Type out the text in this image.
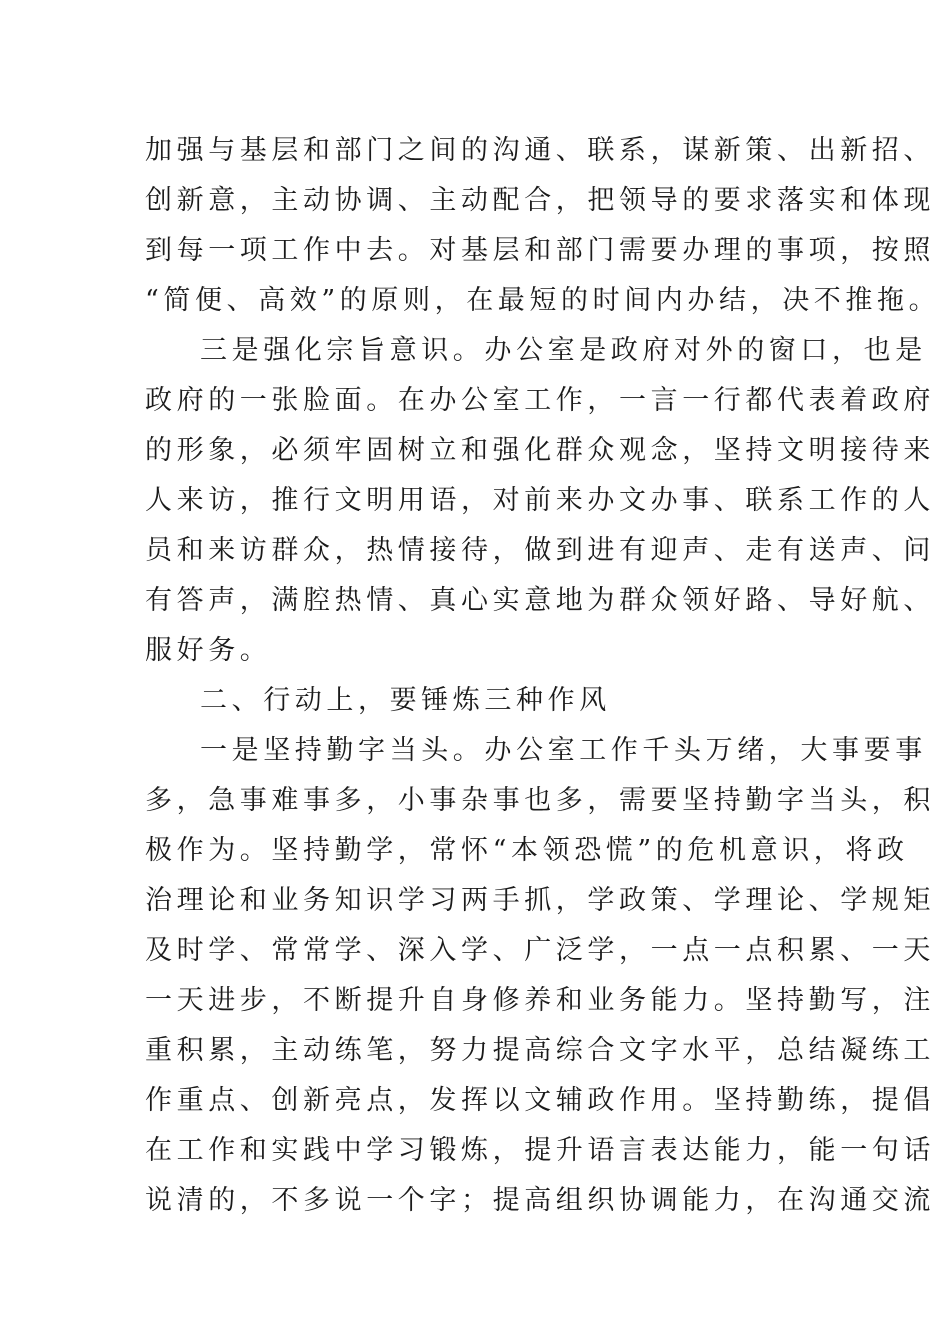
加强与基层和部门之间的沟通、联系，谋新策、出新招、
创新意，主动协调、主动配合，把领导的要求落实和体现
到每一项工作中去。对基层和部门需要办理的事项，按照
“简便、高效”的原则，在最短的时间内办结，决不推拖。
三是强化宗旨意识。办公室是政府对外的窗口，也是
政府的一张脸面。在办公室工作，一言一行都代表着政府
的形象，必须牢固树立和强化群众观念，坚持文明接待来
人来访，推行文明用语，对前来办文办事、联系工作的人
员和来访群众，热情接待，做到进有迎声、走有送声、问
有答声，满腔热情、真心实意地为群众领好路、导好航、
服好务。
二、行动上，要锤炼三种作风
一是坚持勤字当头。办公室工作千头万绪，大事要事
多，急事难事多，小事杂事也多，需要坚持勤字当头，积
极作为。坚持勤学，常怀“本领恐慌”的危机意识，将政
治理论和业务知识学习两手抓，学政策、学理论、学规矩
及时学、常常学、深入学、广泛学，一点一点积累、一天
一天进步，不断提升自身修养和业务能力。坚持勤写，注
重积累，主动练笔，努力提高综合文字水平，总结凝练工
作重点、创新亮点，发挥以文辅政作用。坚持勤练，提倡
在工作和实践中学习锻炼，提升语言表达能力，能一句话
说清的，不多说一个字；提高组织协调能力，在沟通交流
